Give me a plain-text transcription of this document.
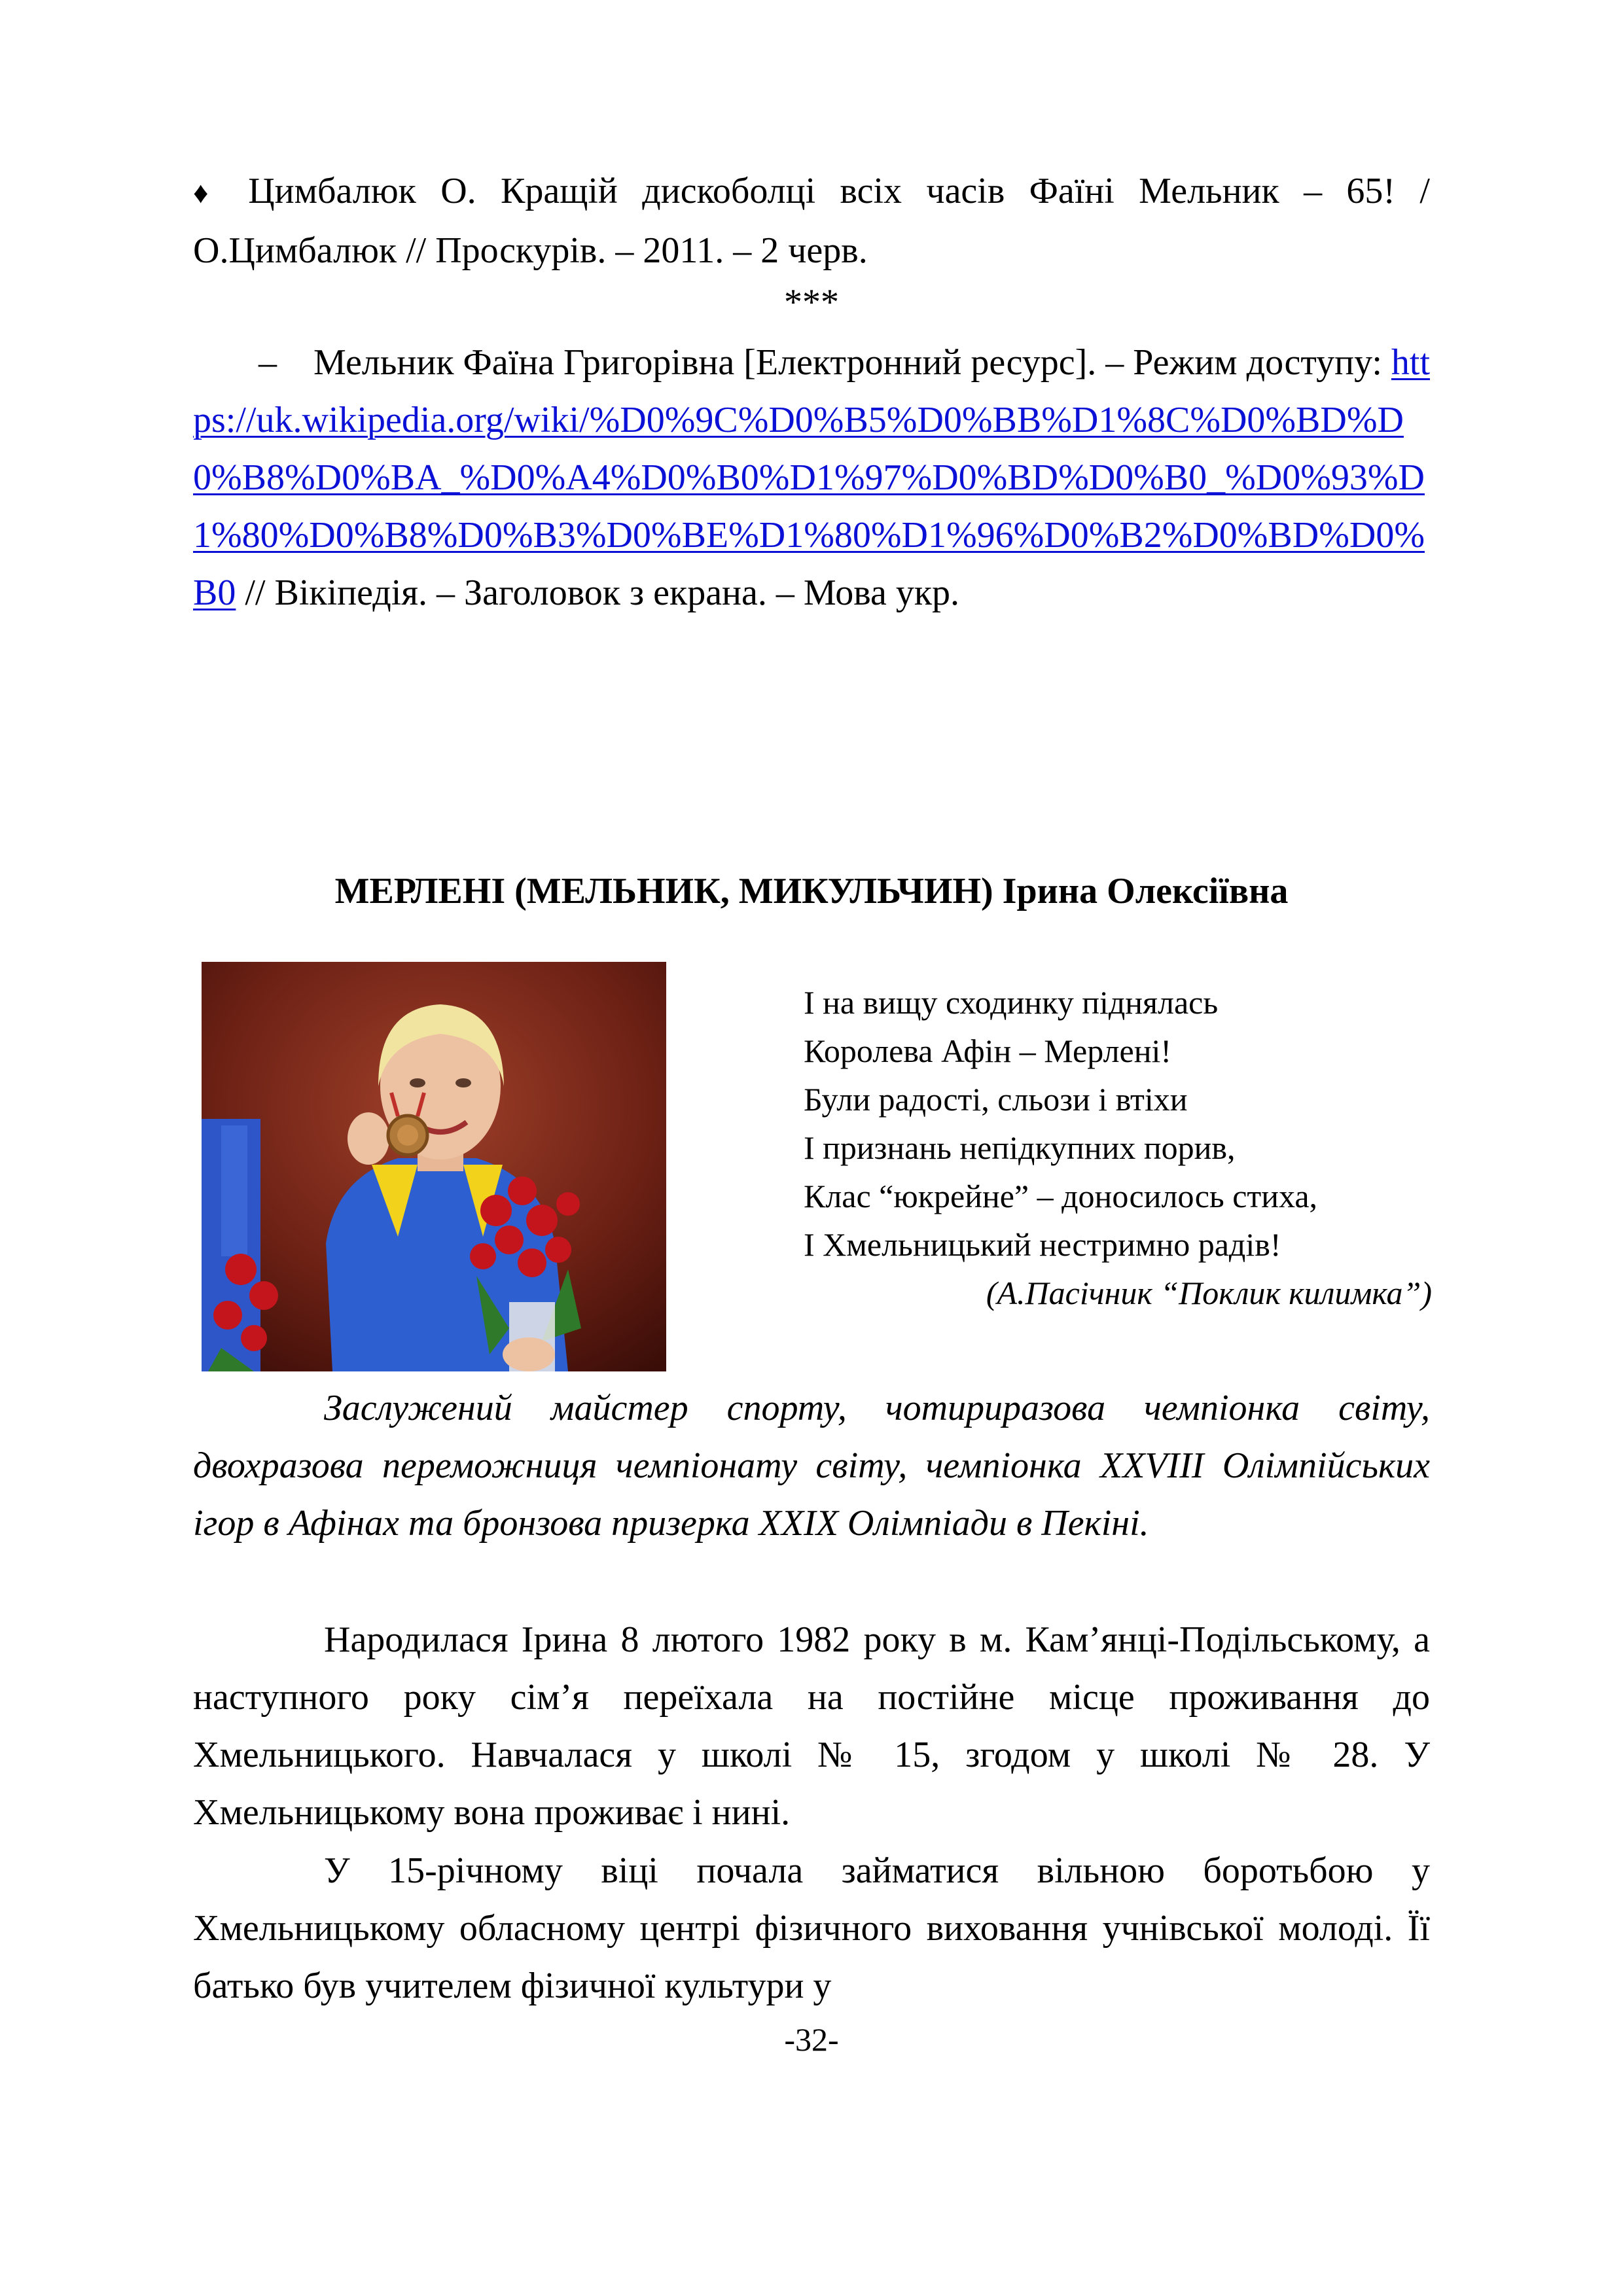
♦ Цимбалюк О. Кращій дискоболці всіх часів Фаїні Мельник – 65! / О.Цимбалюк // Проскурів. – 2011. – 2 черв.
***
– Мельник Фаїна Григорівна [Електронний ресурс]. – Режим доступу: https://uk.wikipedia.org/wiki/%D0%9C%D0%B5%D0%BB%D1%8C%D0%BD%D0%B8%D0%BA_%D0%A4%D0%B0%D1%97%D0%BD%D0%B0_%D0%93%D1%80%D0%B8%D0%B3%D0%BE%D1%80%D1%96%D0%B2%D0%BD%D0%B0 // Вікіпедія. – Заголовок з екрана. – Мова укр.
МЕРЛЕНІ (МЕЛЬНИК, МИКУЛЬЧИН) Ірина Олексіївна
І на вищу сходинку піднялась
Королева Афін – Мерлені!
Були радості, сльози і втіхи
І признань непідкупних порив,
Клас “юкрейне” – доносилось стиха,
І Хмельницький нестримно радів!
(А.Пасічник “Поклик килимка”)
Заслужений майстер спорту, чотириразова чемпіонка світу, двохразова переможниця чемпіонату світу, чемпіонка XXVIII Олімпійських ігор в Афінах та бронзова призерка XXIX Олімпіади в Пекіні.
Народилася Ірина 8 лютого 1982 року в м. Кам’янці-Подільському, а наступного року сім’я переїхала на постійне місце проживання до Хмельницького. Навчалася у школі № 15, згодом у школі № 28. У Хмельницькому вона проживає і нині.
У 15-річному віці почала займатися вільною боротьбою у Хмельницькому обласному центрі фізичного виховання учнівської молоді. Її батько був учителем фізичної культури у
-32-
